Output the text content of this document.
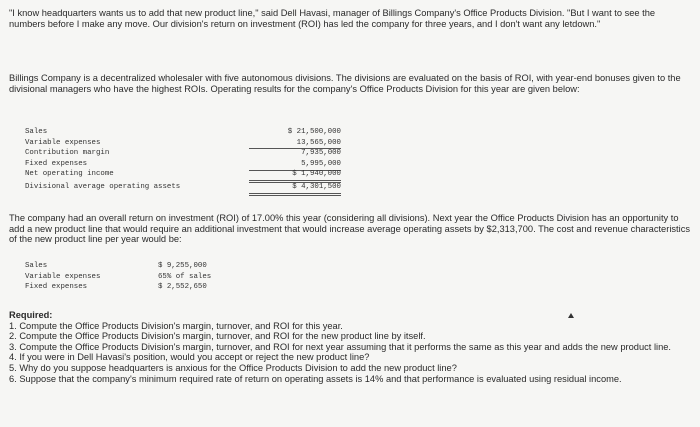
"I know headquarters wants us to add that new product line," said Dell Havasi, manager of Billings Company's Office Products Division. "But I want to see the numbers before I make any move. Our division's return on investment (ROI) has led the company for three years, and I don't want any letdown."

Billings Company is a decentralized wholesaler with five autonomous divisions. The divisions are evaluated on the basis of ROI, with year-end bonuses given to the divisional managers who have the highest ROIs. Operating results for the company's Office Products Division for this year are given below:

Sales	$ 21,500,000
Variable expenses	13,565,000
Contribution margin	7,935,000
Fixed expenses	5,995,000
Net operating income	$ 1,940,000
Divisional average operating assets	$ 4,301,500

The company had an overall return on investment (ROI) of 17.00% this year (considering all divisions). Next year the Office Products Division has an opportunity to add a new product line that would require an additional investment that would increase average operating assets by $2,313,700. The cost and revenue characteristics of the new product line per year would be:

Sales	$ 9,255,000
Variable expenses	65% of sales
Fixed expenses	$ 2,552,650

Required:

1. Compute the Office Products Division's margin, turnover, and ROI for this year.

2. Compute the Office Products Division's margin, turnover, and ROI for the new product line by itself.

3. Compute the Office Products Division's margin, turnover, and ROI for next year assuming that it performs the same as this year and adds the new product line.

4. If you were in Dell Havasi's position, would you accept or reject the new product line?

5. Why do you suppose headquarters is anxious for the Office Products Division to add the new product line?

6. Suppose that the company's minimum required rate of return on operating assets is 14% and that performance is evaluated using residual income.
